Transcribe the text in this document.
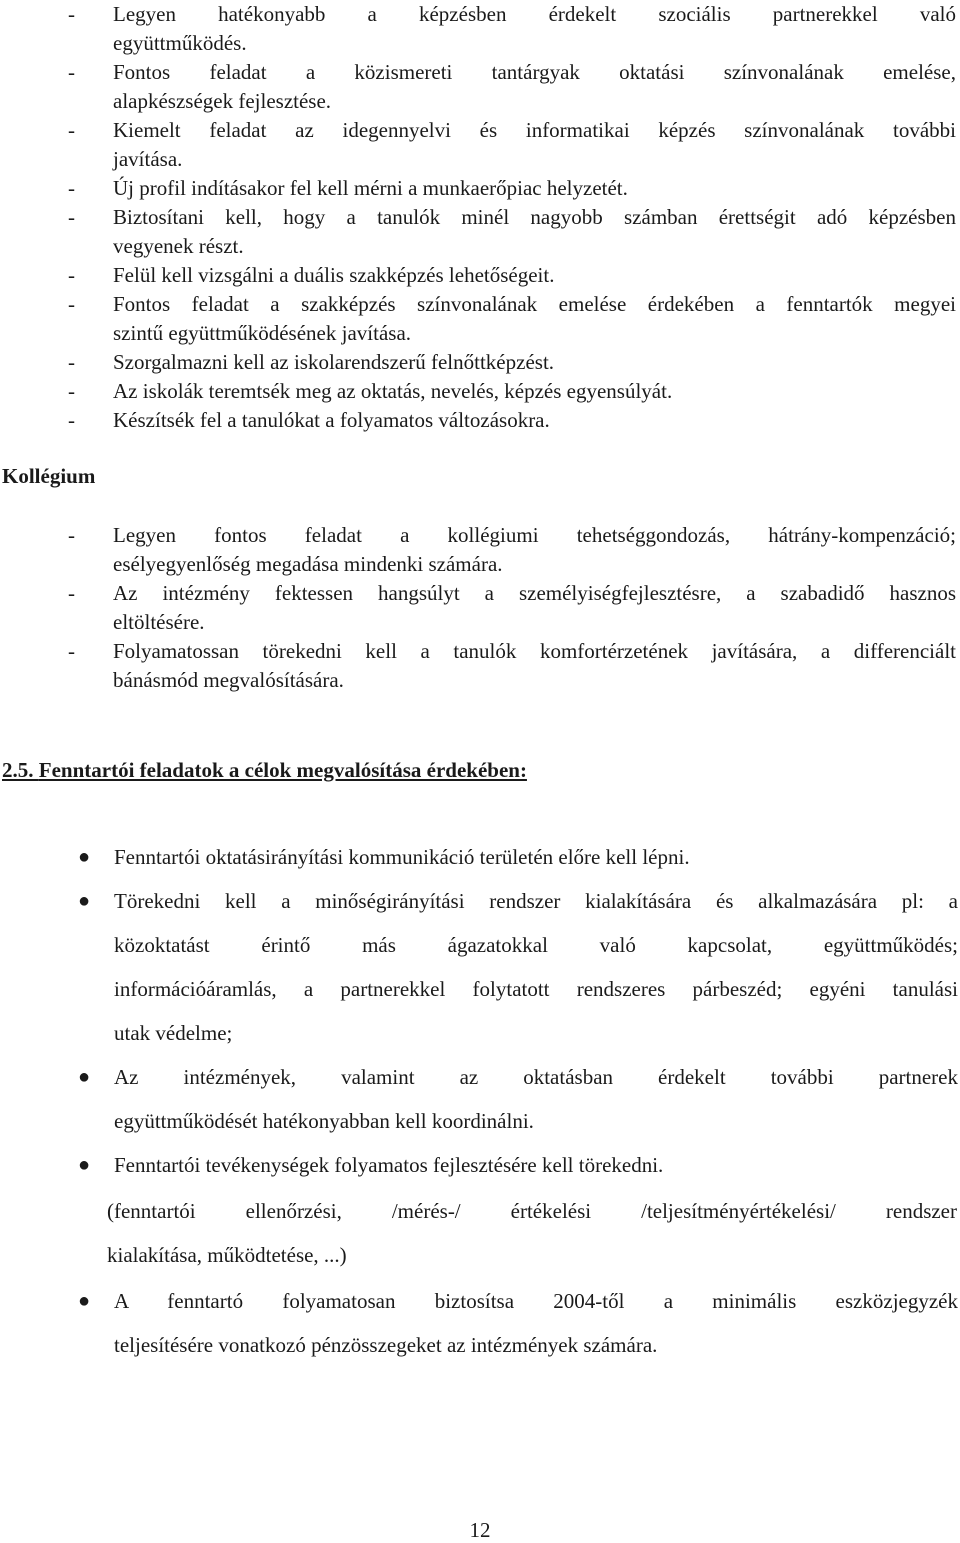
- Legyen hatékonyabb a képzésben érdekelt szociális partnerekkel való
együttműködés.
- Fontos feladat a közismereti tantárgyak oktatási színvonalának emelése,
alapkészségek fejlesztése.
- Kiemelt feladat az idegennyelvi és informatikai képzés színvonalának további
javítása.
- Új profil indításakor fel kell mérni a munkaerőpiac helyzetét.
- Biztosítani kell, hogy a tanulók minél nagyobb számban érettségit adó képzésben
vegyenek részt.
- Felül kell vizsgálni a duális szakképzés lehetőségeit.
- Fontos feladat a szakképzés színvonalának emelése érdekében a fenntartók megyei
szintű együttműködésének javítása.
- Szorgalmazni kell az iskolarendszerű felnőttképzést.
- Az iskolák teremtsék meg az oktatás, nevelés, képzés egyensúlyát.
- Készítsék fel a tanulókat a folyamatos változásokra.
Kollégium
- Legyen fontos feladat a kollégiumi tehetséggondozás, hátrány-kompenzáció;
esélyegyenlőség megadása mindenki számára.
- Az intézmény fektessen hangsúlyt a személyiségfejlesztésre, a szabadidő hasznos
eltöltésére.
- Folyamatossan törekedni kell a tanulók komfortérzetének javítására, a differenciált
bánásmód megvalósítására.
2.5. Fenntartói feladatok a célok megvalósítása érdekében:
● Fenntartói oktatásirányítási kommunikáció területén előre kell lépni.
● Törekedni kell a minőségirányítási rendszer kialakítására és alkalmazására pl: a
közoktatást érintő más ágazatokkal való kapcsolat, együttműködés;
információáramlás, a partnerekkel folytatott rendszeres párbeszéd; egyéni tanulási
utak védelme;
● Az intézmények, valamint az oktatásban érdekelt további partnerek
együttműködését hatékonyabban kell koordinálni.
● Fenntartói tevékenységek folyamatos fejlesztésére kell törekedni.
(fenntartói ellenőrzési, /mérés-/ értékelési /teljesítményértékelési/ rendszer
kialakítása, működtetése, ...)
● A fenntartó folyamatosan biztosítsa 2004-től a minimális eszközjegyzék
teljesítésére vonatkozó pénzösszegeket az intézmények számára.
12
